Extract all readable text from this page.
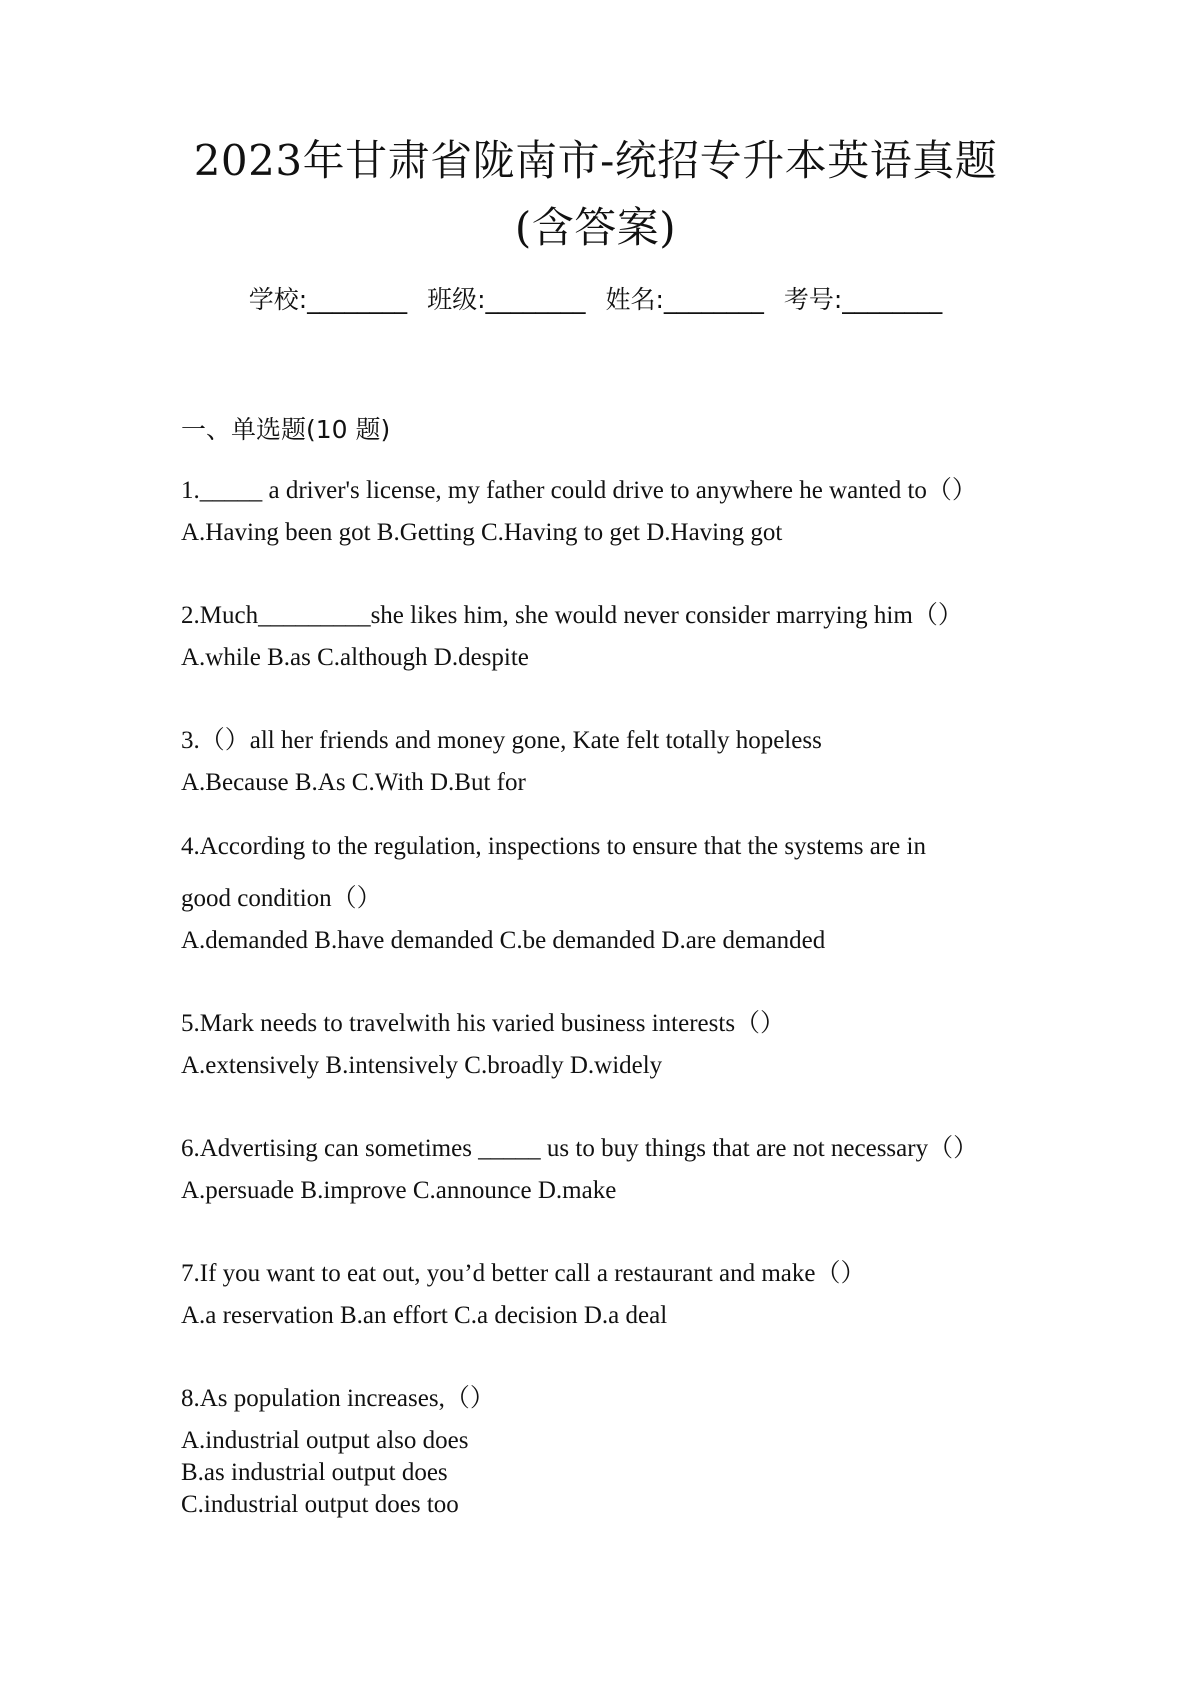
2023年甘肃省陇南市-统招专升本英语真题
(含答案)
学校:________ 班级:________ 姓名:________ 考号:________

一、单选题(10 题)

1._____ a driver's license, my father could drive to anywhere he wanted to（）

A.Having been got B.Getting C.Having to get D.Having got

2.Much_________she likes him, she would never consider marrying him（）

A.while B.as C.although D.despite

3.（）all her friends and money gone, Kate felt totally hopeless

A.Because B.As C.With D.But for

4.According to the regulation, inspections to ensure that the systems are in

good condition（）

A.demanded B.have demanded C.be demanded D.are demanded

5.Mark needs to travelwith his varied business interests（）

A.extensively B.intensively C.broadly D.widely

6.Advertising can sometimes _____ us to buy things that are not necessary（）

A.persuade B.improve C.announce D.make

7.If you want to eat out, you’d better call a restaurant and make（）

A.a reservation B.an effort C.a decision D.a deal

8.As population increases,（）

A.industrial output also does

B.as industrial output does

C.industrial output does too
